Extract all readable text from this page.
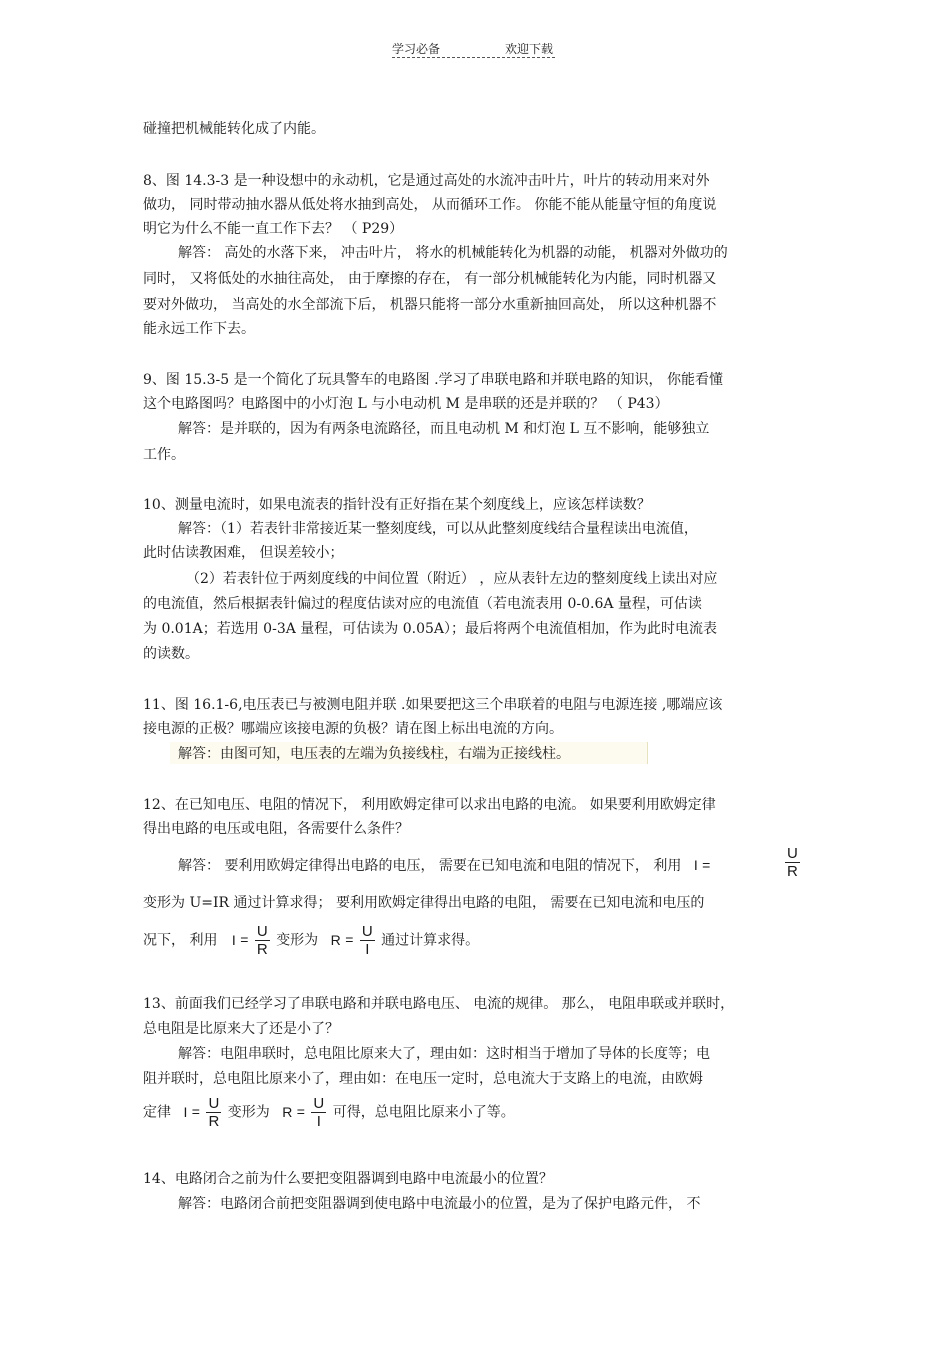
学习必备	欢迎下载
碰撞把机械能转化成了内能。
8、图 14.3-3 是一种设想中的永动机，它是通过高处的水流冲击叶片，叶片的转动用来对外
做功， 同时带动抽水器从低处将水抽到高处， 从而循环工作。 你能不能从能量守恒的角度说
明它为什么不能一直工作下去？ （ P29）
解答： 高处的水落下来， 冲击叶片， 将水的机械能转化为机器的动能， 机器对外做功的
同时， 又将低处的水抽往高处， 由于摩擦的存在， 有一部分机械能转化为内能，同时机器又
要对外做功， 当高处的水全部流下后， 机器只能将一部分水重新抽回高处， 所以这种机器不
能永远工作下去。
9、图 15.3-5 是一个简化了玩具警车的电路图 .学习了串联电路和并联电路的知识， 你能看懂
这个电路图吗？电路图中的小灯泡 L 与小电动机 M 是串联的还是并联的？ （ P43）
解答：是并联的，因为有两条电流路径，而且电动机 M 和灯泡 L 互不影响，能够独立
工作。
10、测量电流时，如果电流表的指针没有正好指在某个刻度线上，应该怎样读数？
解答：（1）若表针非常接近某一整刻度线，可以从此整刻度线结合量程读出电流值，
此时估读教困难， 但误差较小；
（2）若表针位于两刻度线的中间位置（附近） ，应从表针左边的整刻度线上读出对应
的电流值，然后根据表针偏过的程度估读对应的电流值（若电流表用 0-0.6A 量程，可估读
为 0.01A；若选用 0-3A 量程，可估读为 0.05A）；最后将两个电流值相加，作为此时电流表
的读数。
11、图 16.1-6,电压表已与被测电阻并联 .如果要把这三个串联着的电阻与电源连接 ,哪端应该
接电源的正极？哪端应该接电源的负极？请在图上标出电流的方向。
解答：由图可知，电压表的左端为负接线柱，右端为正接线柱。
12、在已知电压、电阻的情况下， 利用欧姆定律可以求出电路的电流。 如果要利用欧姆定律
得出电路的电压或电阻，各需要什么条件？
解答： 要利用欧姆定律得出电路的电压， 需要在已知电流和电阻的情况下， 利用 I =	$\frac{U}{R}$
变形为 U=IR 通过计算求得； 要利用欧姆定律得出电路的电阻， 需要在已知电流和电压的
况下， 利用 $I = \frac{U}{R}$ 变形为 $R = \frac{U}{I}$ 通过计算求得。
13、前面我们已经学习了串联电路和并联电路电压、 电流的规律。 那么， 电阻串联或并联时，
总电阻是比原来大了还是小了？
解答：电阻串联时，总电阻比原来大了，理由如：这时相当于增加了导体的长度等；电
阻并联时，总电阻比原来小了，理由如：在电压一定时，总电流大于支路上的电流，由欧姆
定律 $I = \frac{U}{R}$ 变形为 $R = \frac{U}{I}$ 可得，总电阻比原来小了等。
14、电路闭合之前为什么要把变阻器调到电路中电流最小的位置？
解答：电路闭合前把变阻器调到使电路中电流最小的位置，是为了保护电路元件， 不
